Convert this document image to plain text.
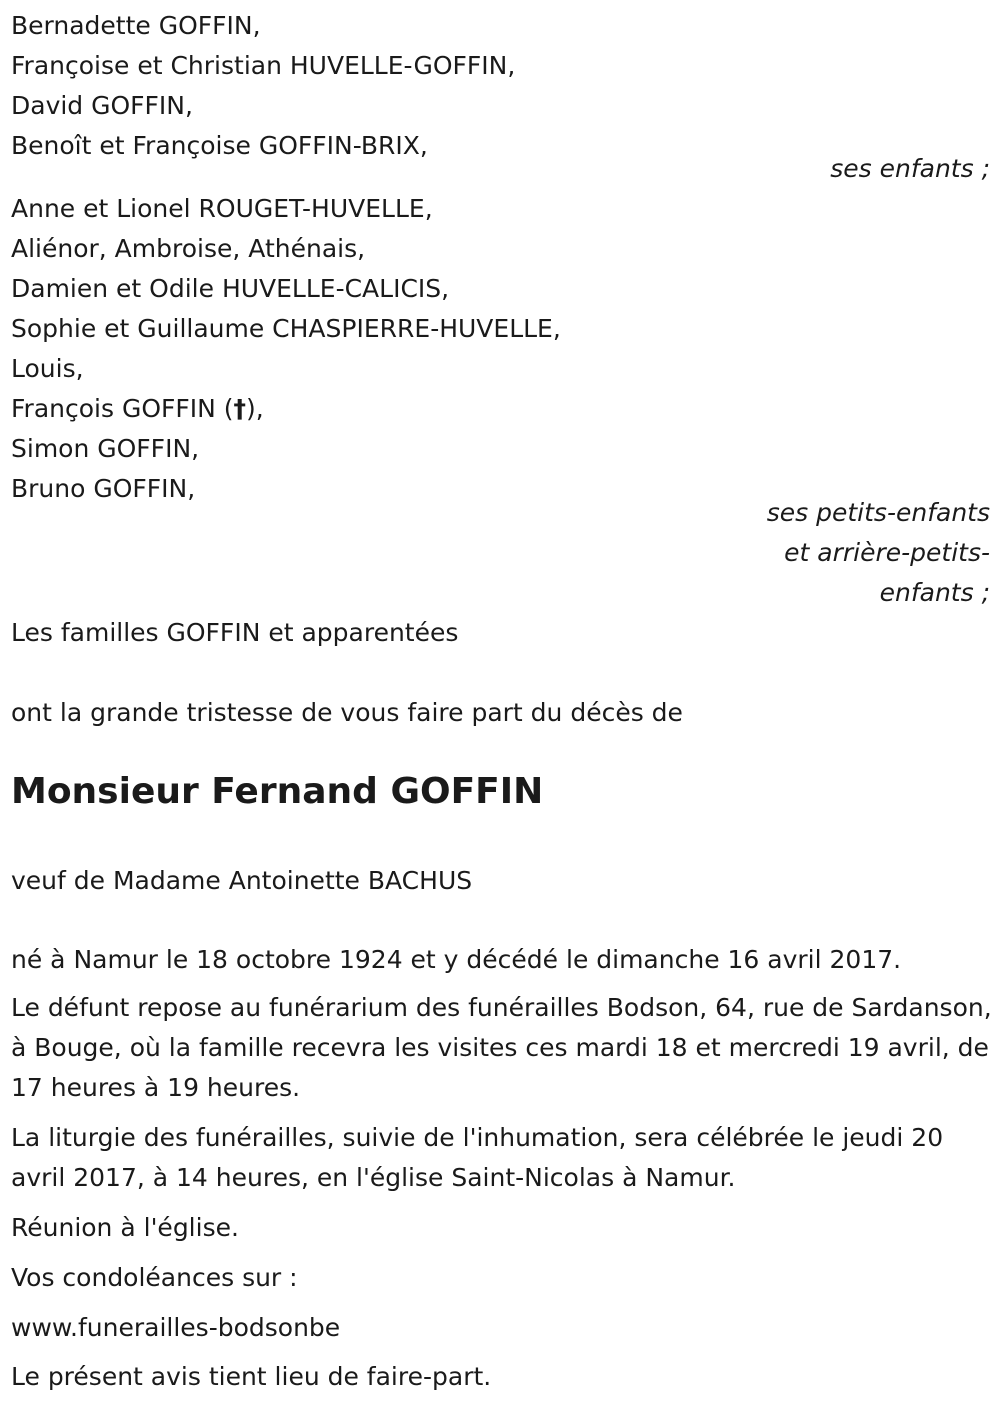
Bernadette GOFFIN,
Françoise et Christian HUVELLE-GOFFIN,
David GOFFIN,
Benoît et Françoise GOFFIN-BRIX,
ses enfants ;
Anne et Lionel ROUGET-HUVELLE,
Aliénor, Ambroise, Athénais,
Damien et Odile HUVELLE-CALICIS,
Sophie et Guillaume CHASPIERRE-HUVELLE,
Louis,
François GOFFIN (†),
Simon GOFFIN,
Bruno GOFFIN,
ses petits-enfants
et arrière-petits-
enfants ;
Les familles GOFFIN et apparentées
ont la grande tristesse de vous faire part du décès de
Monsieur Fernand GOFFIN
veuf de Madame Antoinette BACHUS
né à Namur le 18 octobre 1924 et y décédé le dimanche 16 avril 2017.
Le défunt repose au funérarium des funérailles Bodson, 64, rue de Sardanson, à Bouge, où la famille recevra les visites ces mardi 18 et mercredi 19 avril, de 17 heures à 19 heures.
La liturgie des funérailles, suivie de l'inhumation, sera célébrée le jeudi 20 avril 2017, à 14 heures, en l'église Saint-Nicolas à Namur.
Réunion à l'église.
Vos condoléances sur :
www.funerailles-bodsonbe
Le présent avis tient lieu de faire-part.
